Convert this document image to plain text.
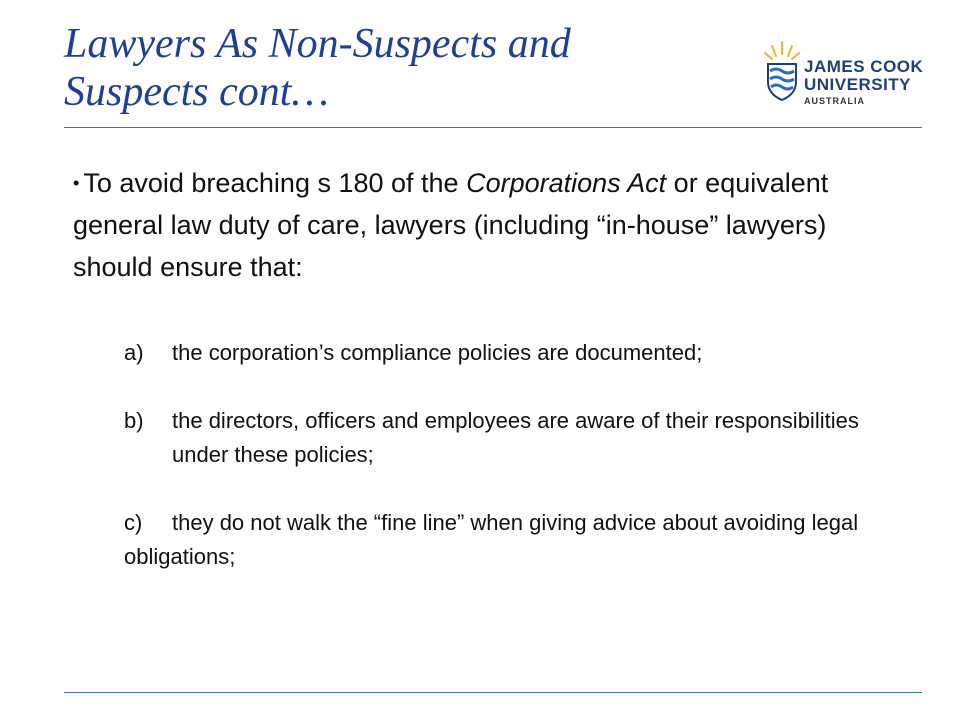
Lawyers As Non-Suspects and Suspects cont…
JAMES COOK
UNIVERSITY
AUSTRALIA

• To avoid breaching s 180 of the Corporations Act or equivalent general law duty of care, lawyers (including “in-house” lawyers) should ensure that:

a) the corporation’s compliance policies are documented;
b) the directors, officers and employees are aware of their responsibilities under these policies;
c) they do not walk the “fine line” when giving advice about avoiding legal obligations;
